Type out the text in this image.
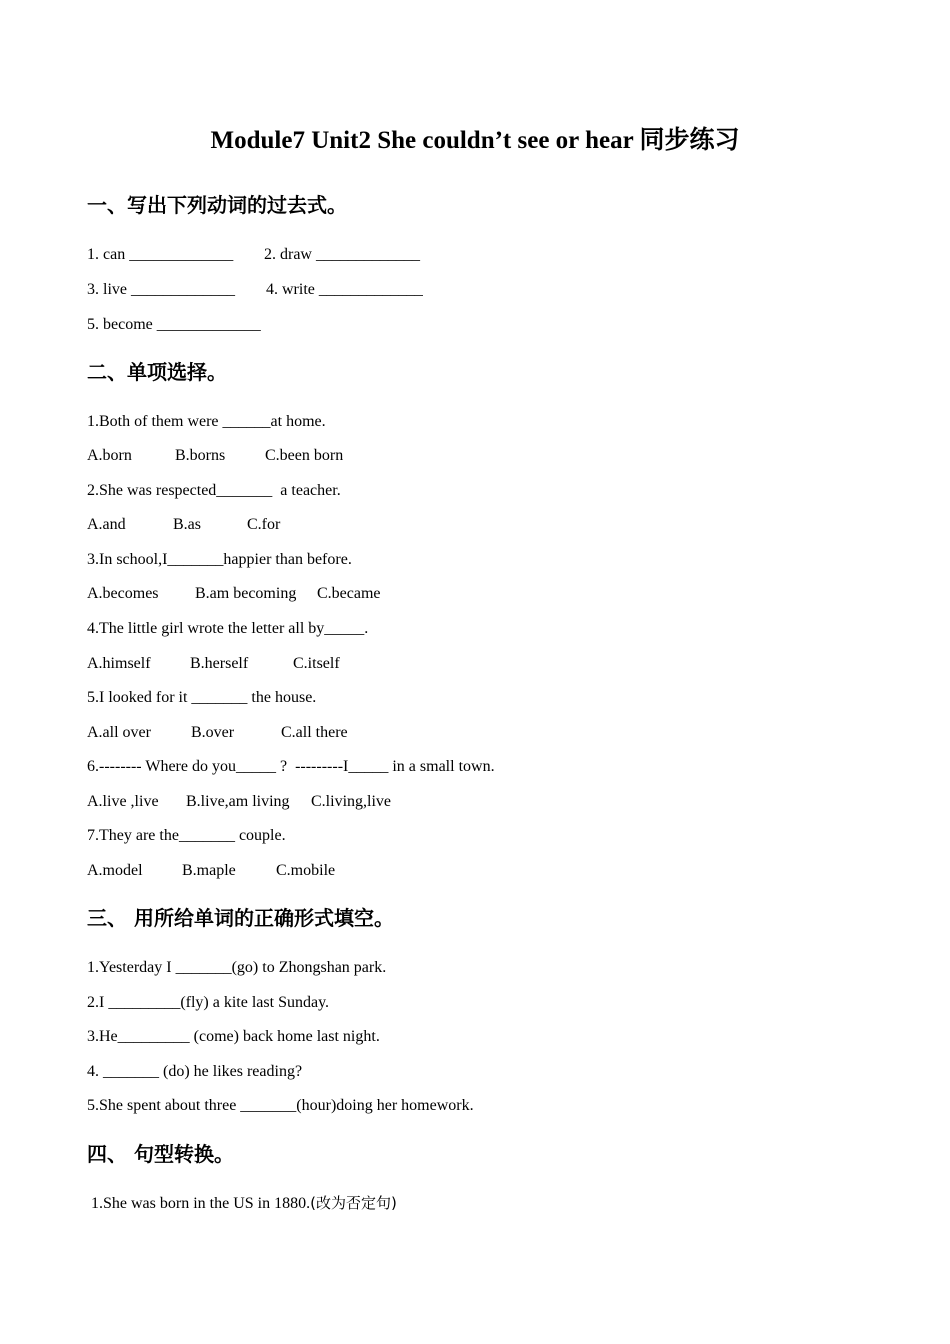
Module7 Unit2 She couldn’t see or hear 同步练习
一、写出下列动词的过去式。

1. can _____________

2. draw _____________

3. live _____________

4. write _____________

5. become _____________
二、单项选择。
1.Both of them were ______at home.

A.born

	B.borns

C.been born

2.She was respected_______  a teacher.

A.and

	B.as

	C.for

3.In school,I_______happier than before.

A.becomes

B.am becoming

C.became

4.The little girl wrote the letter all by_____.

A.himself

B.herself

	C.itself

5.I looked for it _______ the house.

A.all over

	B.over

	C.all there

6.-------- Where do you_____ ?  ---------I_____ in a small town.

A.live ,live

B.live,am living

C.living,live

7.They are the_______ couple.

A.model

B.maple

	C.mobile

三、 用所给单词的正确形式填空。
1.Yesterday I _______(go) to Zhongshan park.
2.I _________(fly) a kite last Sunday.
3.He_________ (come) back home last night.
4. _______ (do) he likes reading?
5.She spent about three _______(hour)doing her homework.
四、 句型转换。
1.She was born in the US in 1880.(改为否定句)
